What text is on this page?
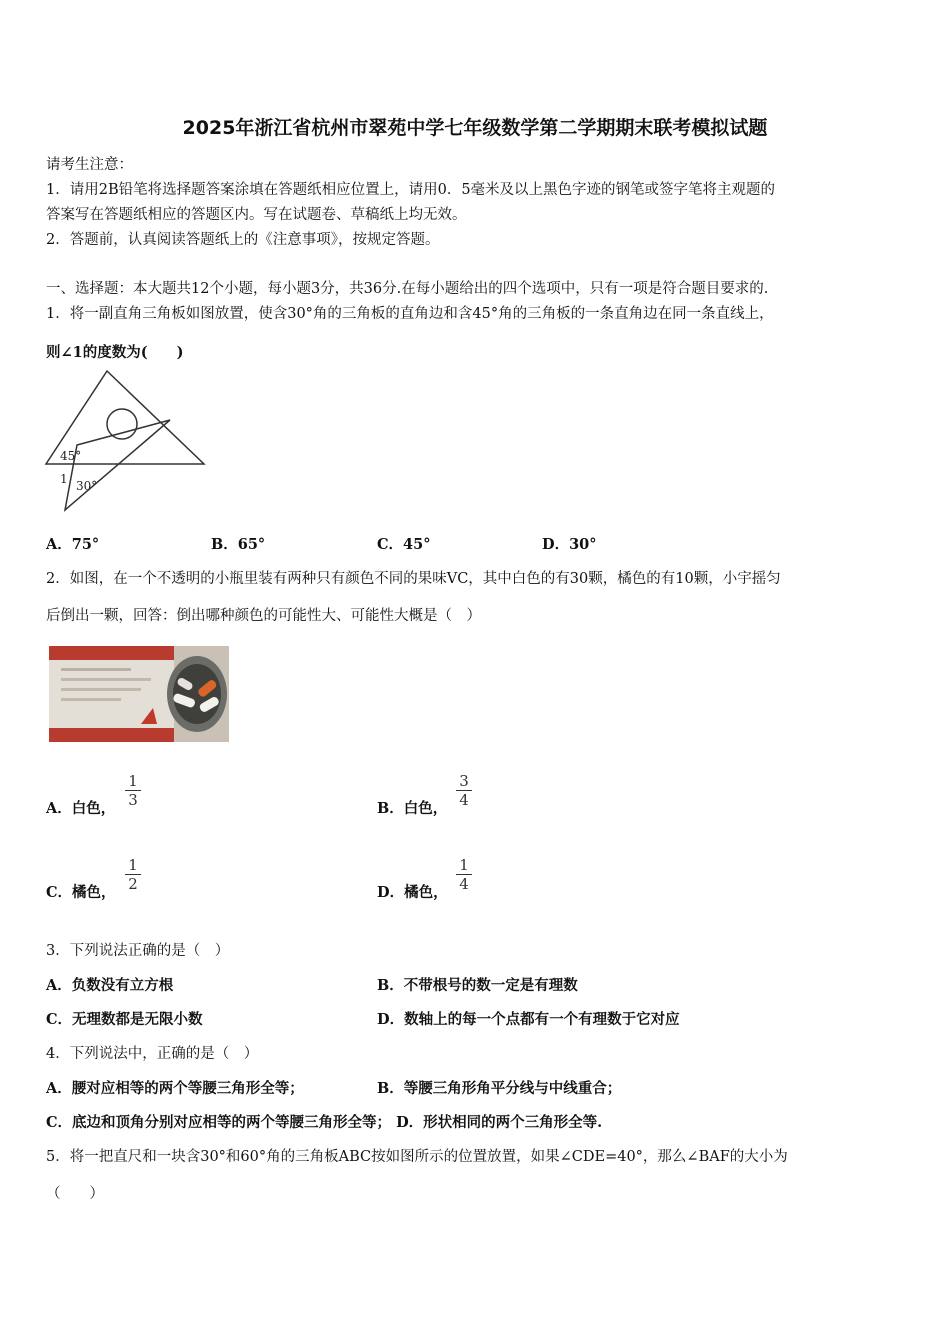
2025年浙江省杭州市翠苑中学七年级数学第二学期期末联考模拟试题
请考生注意：
1．请用2B铅笔将选择题答案涂填在答题纸相应位置上，请用0．5毫米及以上黑色字迹的钢笔或签字笔将主观题的
答案写在答题纸相应的答题区内。写在试题卷、草稿纸上均无效。
2．答题前，认真阅读答题纸上的《注意事项》，按规定答题。
一、选择题：本大题共12个小题，每小题3分，共36分.在每小题给出的四个选项中，只有一项是符合题目要求的.
1．将一副直角三角板如图放置，使含30°角的三角板的直角边和含45°角的三角板的一条直角边在同一条直线上，
则∠1的度数为(　　)
45°
1 30°
A．75°	B．65°	C．45°	D．30°
2．如图，在一个不透明的小瓶里装有两种只有颜色不同的果味VC，其中白色的有30颗，橘色的有10颗，小宇摇匀
后倒出一颗，回答：倒出哪种颜色的可能性大、可能性大概是（　）
A．白色， $\frac{1}{3}$	B．白色， $\frac{3}{4}$
C．橘色， $\frac{1}{2}$	D．橘色， $\frac{1}{4}$
3．下列说法正确的是（　）
A．负数没有立方根	B．不带根号的数一定是有理数
C．无理数都是无限小数	D．数轴上的每一个点都有一个有理数于它对应
4．下列说法中，正确的是（　）
A．腰对应相等的两个等腰三角形全等；	B．等腰三角形角平分线与中线重合；
C．底边和顶角分别对应相等的两个等腰三角形全等； D．形状相同的两个三角形全等.
5．将一把直尺和一块含30°和60°角的三角板ABC按如图所示的位置放置，如果∠CDE=40°，那么∠BAF的大小为
（　　）
